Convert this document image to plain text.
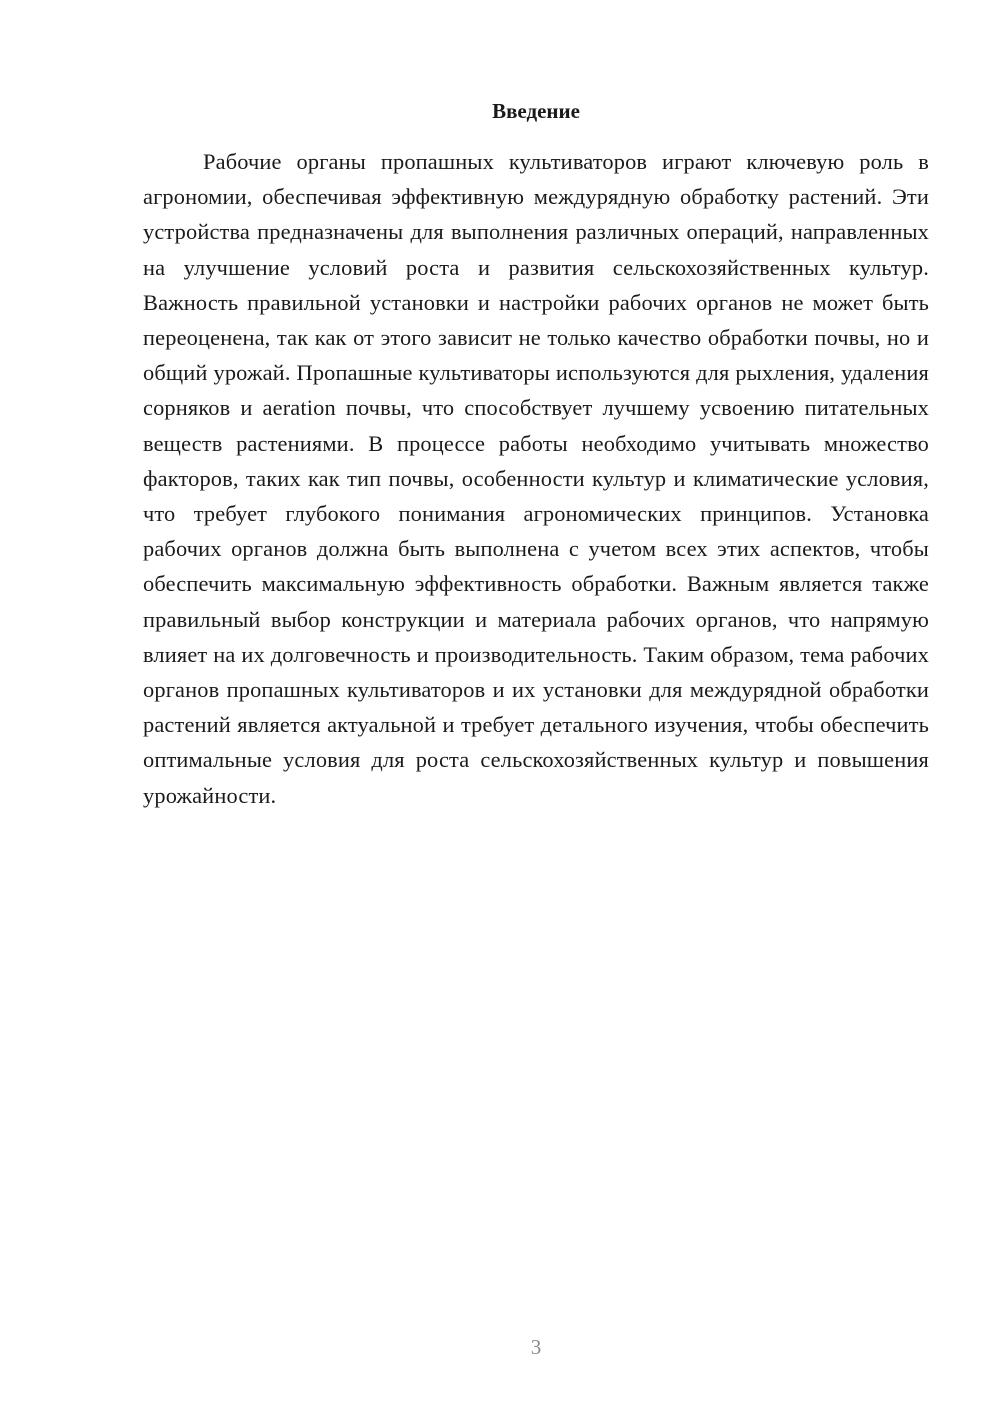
Введение

Рабочие органы пропашных культиваторов играют ключевую роль в агрономии, обеспечивая эффективную междурядную обработку растений. Эти устройства предназначены для выполнения различных операций, направленных на улучшение условий роста и развития сельскохозяйственных культур. Важность правильной установки и настройки рабочих органов не может быть переоценена, так как от этого зависит не только качество обработки почвы, но и общий урожай. Пропашные культиваторы используются для рыхления, удаления сорняков и aeration почвы, что способствует лучшему усвоению питательных веществ растениями. В процессе работы необходимо учитывать множество факторов, таких как тип почвы, особенности культур и климатические условия, что требует глубокого понимания агрономических принципов. Установка рабочих органов должна быть выполнена с учетом всех этих аспектов, чтобы обеспечить максимальную эффективность обработки. Важным является также правильный выбор конструкции и материала рабочих органов, что напрямую влияет на их долговечность и производительность. Таким образом, тема рабочих органов пропашных культиваторов и их установки для междурядной обработки растений является актуальной и требует детального изучения, чтобы обеспечить оптимальные условия для роста сельскохозяйственных культур и повышения урожайности.

3
